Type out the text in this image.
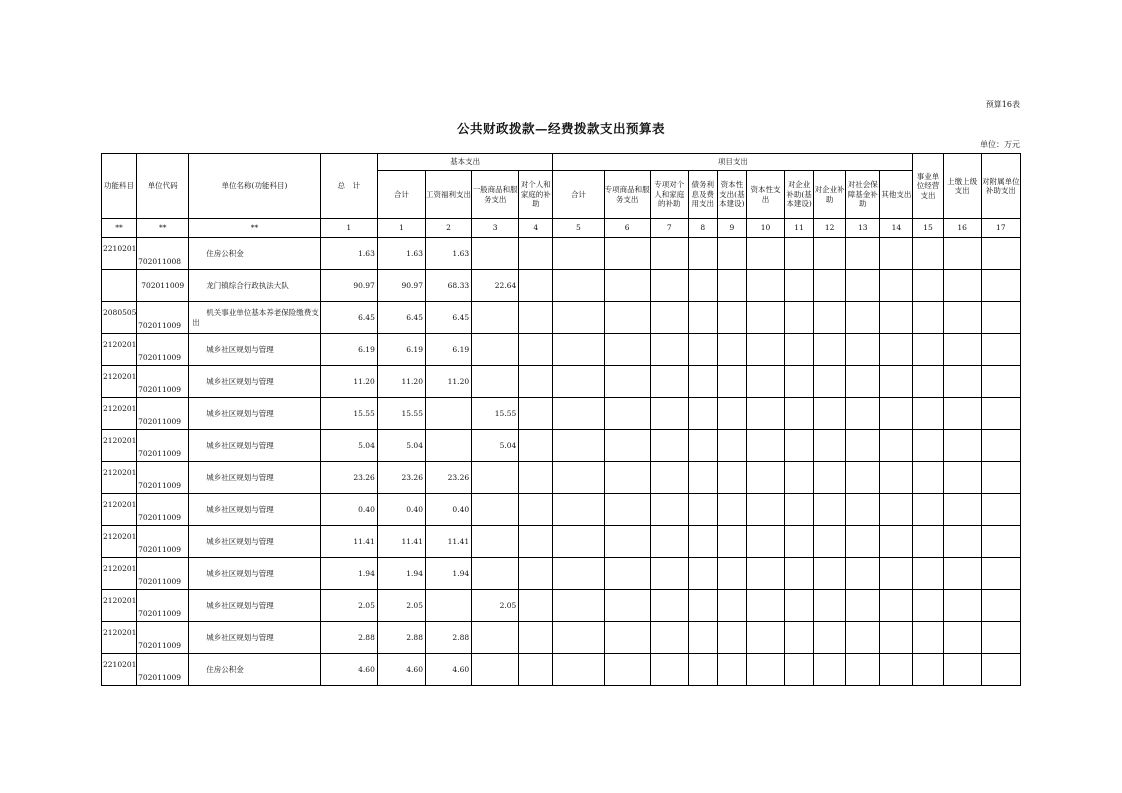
预算16表
公共财政拨款—经费拨款支出预算表
单位：万元
功能科目	单位代码	单位名称(功能科目)	总　计	基本支出				项目支出										事业单位经营支出	上缴上级支出	对附属单位补助支出
				合计	工资福利支出	一般商品和服务支出	对个人和家庭的补助	合计	专项商品和服务支出	专项对个人和家庭的补助	债务利息及费用支出	资本性支出(基本建设)	资本性支出	对企业补助(基本建设)	对企业补助	对社会保障基金补助	其他支出			
**	**	**	1	1	2	3	4	5	6	7	8	9	10	11	12	13	14	15	16	17
2210201	702011008	住房公积金	1.63	1.63	1.63															
	702011009	龙门镇综合行政执法大队	90.97	90.97	68.33	22.64														
2080505	702011009	机关事业单位基本养老保险缴费支出	6.45	6.45	6.45															
2120201	702011009	城乡社区规划与管理	6.19	6.19	6.19															
2120201	702011009	城乡社区规划与管理	11.20	11.20	11.20															
2120201	702011009	城乡社区规划与管理	15.55	15.55		15.55														
2120201	702011009	城乡社区规划与管理	5.04	5.04		5.04														
2120201	702011009	城乡社区规划与管理	23.26	23.26	23.26															
2120201	702011009	城乡社区规划与管理	0.40	0.40	0.40															
2120201	702011009	城乡社区规划与管理	11.41	11.41	11.41															
2120201	702011009	城乡社区规划与管理	1.94	1.94	1.94															
2120201	702011009	城乡社区规划与管理	2.05	2.05		2.05														
2120201	702011009	城乡社区规划与管理	2.88	2.88	2.88															
2210201	702011009	住房公积金	4.60	4.60	4.60															
